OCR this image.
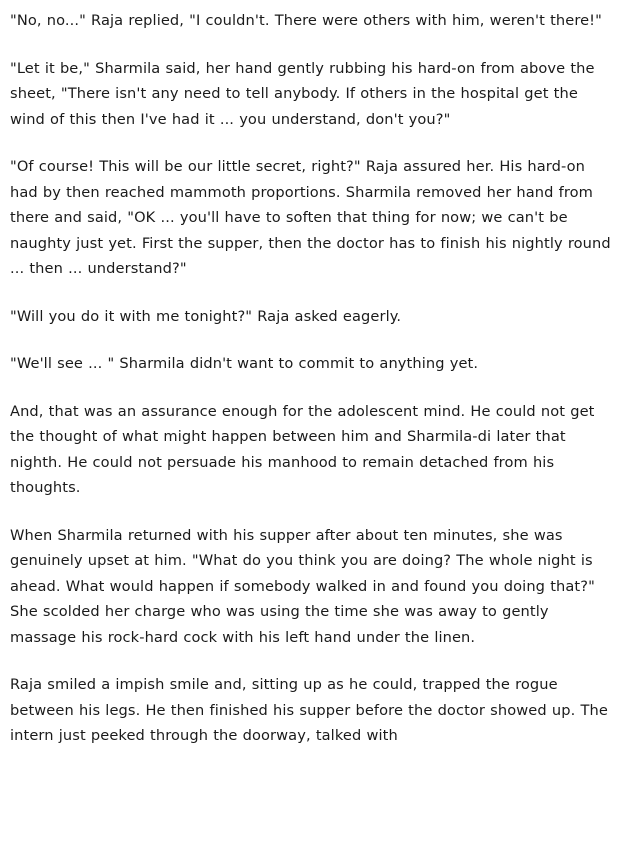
"No, no..." Raja replied, "I couldn't. There were others with him, weren't there!"

"Let it be," Sharmila said, her hand gently rubbing his hard-on from above the sheet, "There isn't any need to tell anybody. If others in the hospital get the wind of this then I've had it ... you understand, don't you?"

"Of course! This will be our little secret, right?" Raja assured her. His hard-on had by then reached mammoth proportions. Sharmila removed her hand from there and said, "OK ... you'll have to soften that thing for now; we can't be naughty just yet. First the supper, then the doctor has to finish his nightly round ... then ... understand?"

"Will you do it with me tonight?" Raja asked eagerly.

"We'll see ... " Sharmila didn't want to commit to anything yet.

And, that was an assurance enough for the adolescent mind. He could not get the thought of what might happen between him and Sharmila-di later that nighth. He could not persuade his manhood to remain detached from his thoughts.

When Sharmila returned with his supper after about ten minutes, she was genuinely upset at him. "What do you think you are doing? The whole night is ahead. What would happen if somebody walked in and found you doing that?" She scolded her charge who was using the time she was away to gently massage his rock-hard cock with his left hand under the linen.

Raja smiled a impish smile and, sitting up as he could, trapped the rogue between his legs. He then finished his supper before the doctor showed up. The intern just peeked through the doorway, talked with
